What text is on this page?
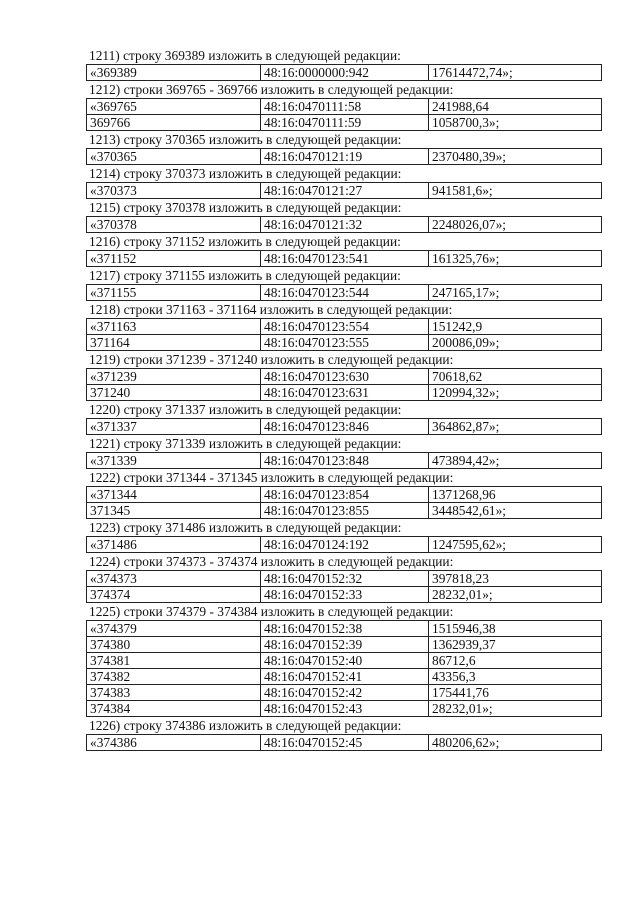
1211) строку 369389 изложить в следующей редакции:
«369389	48:16:0000000:942	17614472,74»;
1212) строки 369765 - 369766 изложить в следующей редакции:
«369765	48:16:0470111:58	241988,64
369766	48:16:0470111:59	1058700,3»;
1213) строку 370365 изложить в следующей редакции:
«370365	48:16:0470121:19	2370480,39»;
1214) строку 370373 изложить в следующей редакции:
«370373	48:16:0470121:27	941581,6»;
1215) строку 370378 изложить в следующей редакции:
«370378	48:16:0470121:32	2248026,07»;
1216) строку 371152 изложить в следующей редакции:
«371152	48:16:0470123:541	161325,76»;
1217) строку 371155 изложить в следующей редакции:
«371155	48:16:0470123:544	247165,17»;
1218) строки 371163 - 371164 изложить в следующей редакции:
«371163	48:16:0470123:554	151242,9
371164	48:16:0470123:555	200086,09»;
1219) строки 371239 - 371240 изложить в следующей редакции:
«371239	48:16:0470123:630	70618,62
371240	48:16:0470123:631	120994,32»;
1220) строку 371337 изложить в следующей редакции:
«371337	48:16:0470123:846	364862,87»;
1221) строку 371339 изложить в следующей редакции:
«371339	48:16:0470123:848	473894,42»;
1222) строки 371344 - 371345 изложить в следующей редакции:
«371344	48:16:0470123:854	1371268,96
371345	48:16:0470123:855	3448542,61»;
1223) строку 371486 изложить в следующей редакции:
«371486	48:16:0470124:192	1247595,62»;
1224) строки 374373 - 374374 изложить в следующей редакции:
«374373	48:16:0470152:32	397818,23
374374	48:16:0470152:33	28232,01»;
1225) строки 374379 - 374384 изложить в следующей редакции:
«374379	48:16:0470152:38	1515946,38
374380	48:16:0470152:39	1362939,37
374381	48:16:0470152:40	86712,6
374382	48:16:0470152:41	43356,3
374383	48:16:0470152:42	175441,76
374384	48:16:0470152:43	28232,01»;
1226) строку 374386 изложить в следующей редакции:
«374386	48:16:0470152:45	480206,62»;
